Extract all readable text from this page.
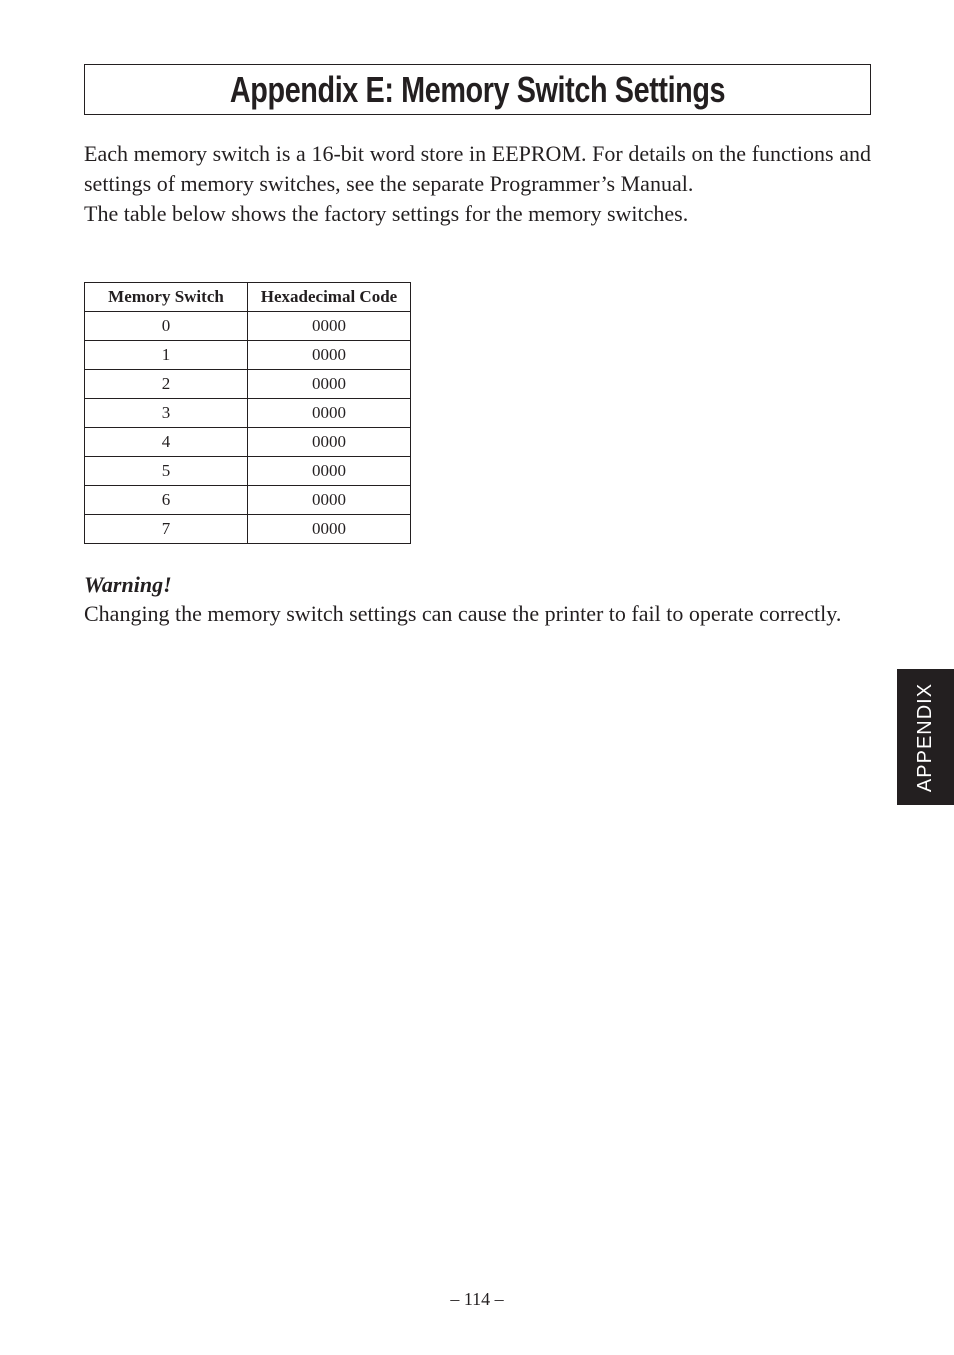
Appendix E: Memory Switch Settings

Each memory switch is a 16-bit word store in EEPROM. For details on the functions and settings of memory switches, see the separate Programmer’s Manual.

The table below shows the factory settings for the memory switches.

Memory Switch	Hexadecimal Code
0	0000
1	0000
2	0000
3	0000
4	0000
5	0000
6	0000
7	0000
Warning!

Changing the memory switch settings can cause the printer to fail to operate correctly.

APPENDIX
– 114 –
